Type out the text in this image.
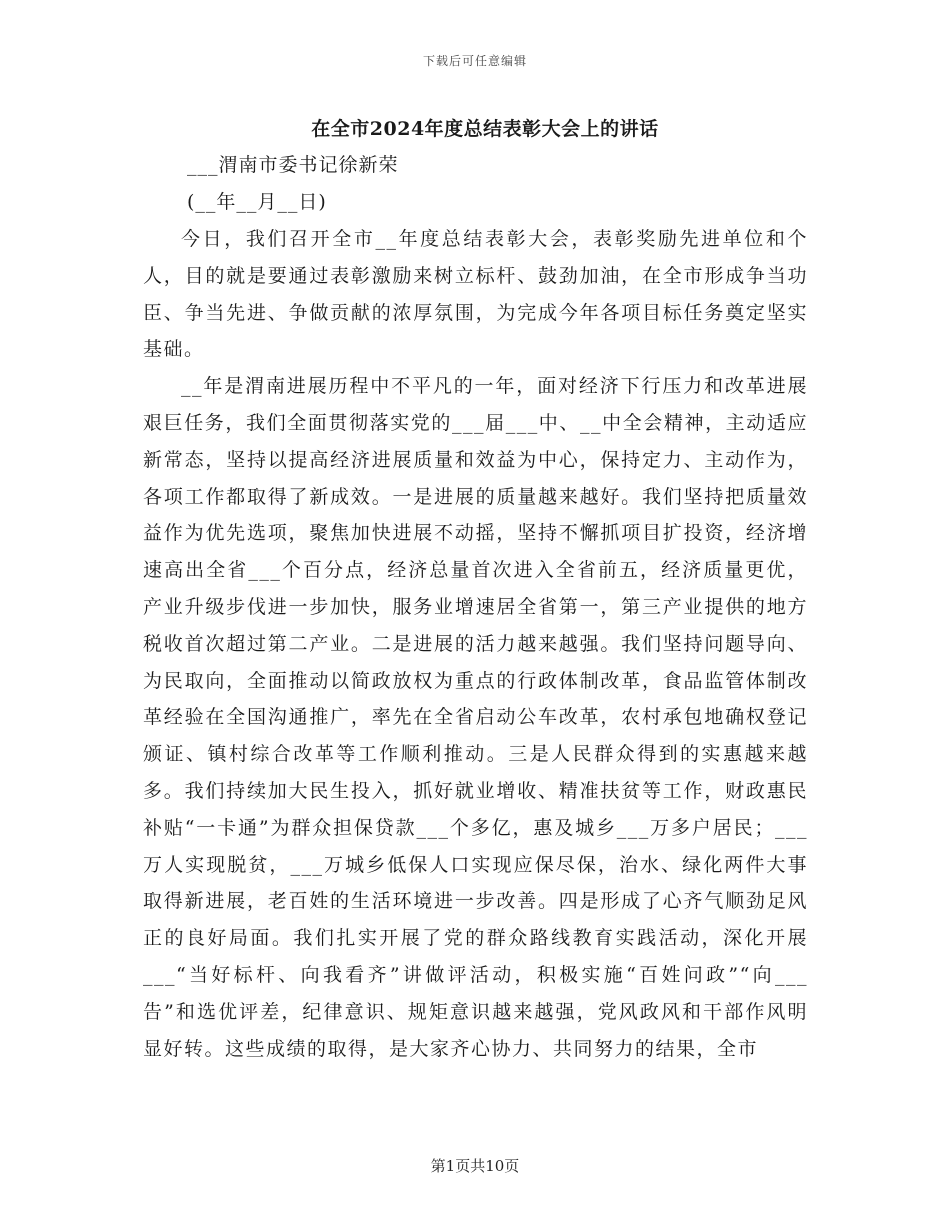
下载后可任意编辑
在全市2024年度总结表彰大会上的讲话
___渭南市委书记徐新荣
(__年__月__日)

今日，我们召开全市__年度总结表彰大会，表彰奖励先进单位和个人，目的就是要通过表彰激励来树立标杆、鼓劲加油，在全市形成争当功臣、争当先进、争做贡献的浓厚氛围，为完成今年各项目标任务奠定坚实基础。

__年是渭南进展历程中不平凡的一年，面对经济下行压力和改革进展艰巨任务，我们全面贯彻落实党的___届___中、__中全会精神，主动适应新常态，坚持以提高经济进展质量和效益为中心，保持定力、主动作为，各项工作都取得了新成效。一是进展的质量越来越好。我们坚持把质量效益作为优先选项，聚焦加快进展不动摇，坚持不懈抓项目扩投资，经济增速高出全省___个百分点，经济总量首次进入全省前五，经济质量更优，产业升级步伐进一步加快，服务业增速居全省第一，第三产业提供的地方税收首次超过第二产业。二是进展的活力越来越强。我们坚持问题导向、为民取向，全面推动以简政放权为重点的行政体制改革，食品监管体制改革经验在全国沟通推广，率先在全省启动公车改革，农村承包地确权登记颁证、镇村综合改革等工作顺利推动。三是人民群众得到的实惠越来越多。我们持续加大民生投入，抓好就业增收、精准扶贫等工作，财政惠民补贴“一卡通”为群众担保贷款___个多亿，惠及城乡___万多户居民；___万人实现脱贫，___万城乡低保人口实现应保尽保，治水、绿化两件大事取得新进展，老百姓的生活环境进一步改善。四是形成了心齐气顺劲足风正的良好局面。我们扎实开展了党的群众路线教育实践活动，深化开展___“当好标杆、向我看齐”讲做评活动，积极实施“百姓问政”“向___告”和选优评差，纪律意识、规矩意识越来越强，党风政风和干部作风明显好转。这些成绩的取得，是大家齐心协力、共同努力的结果，全市

第1页共10页
